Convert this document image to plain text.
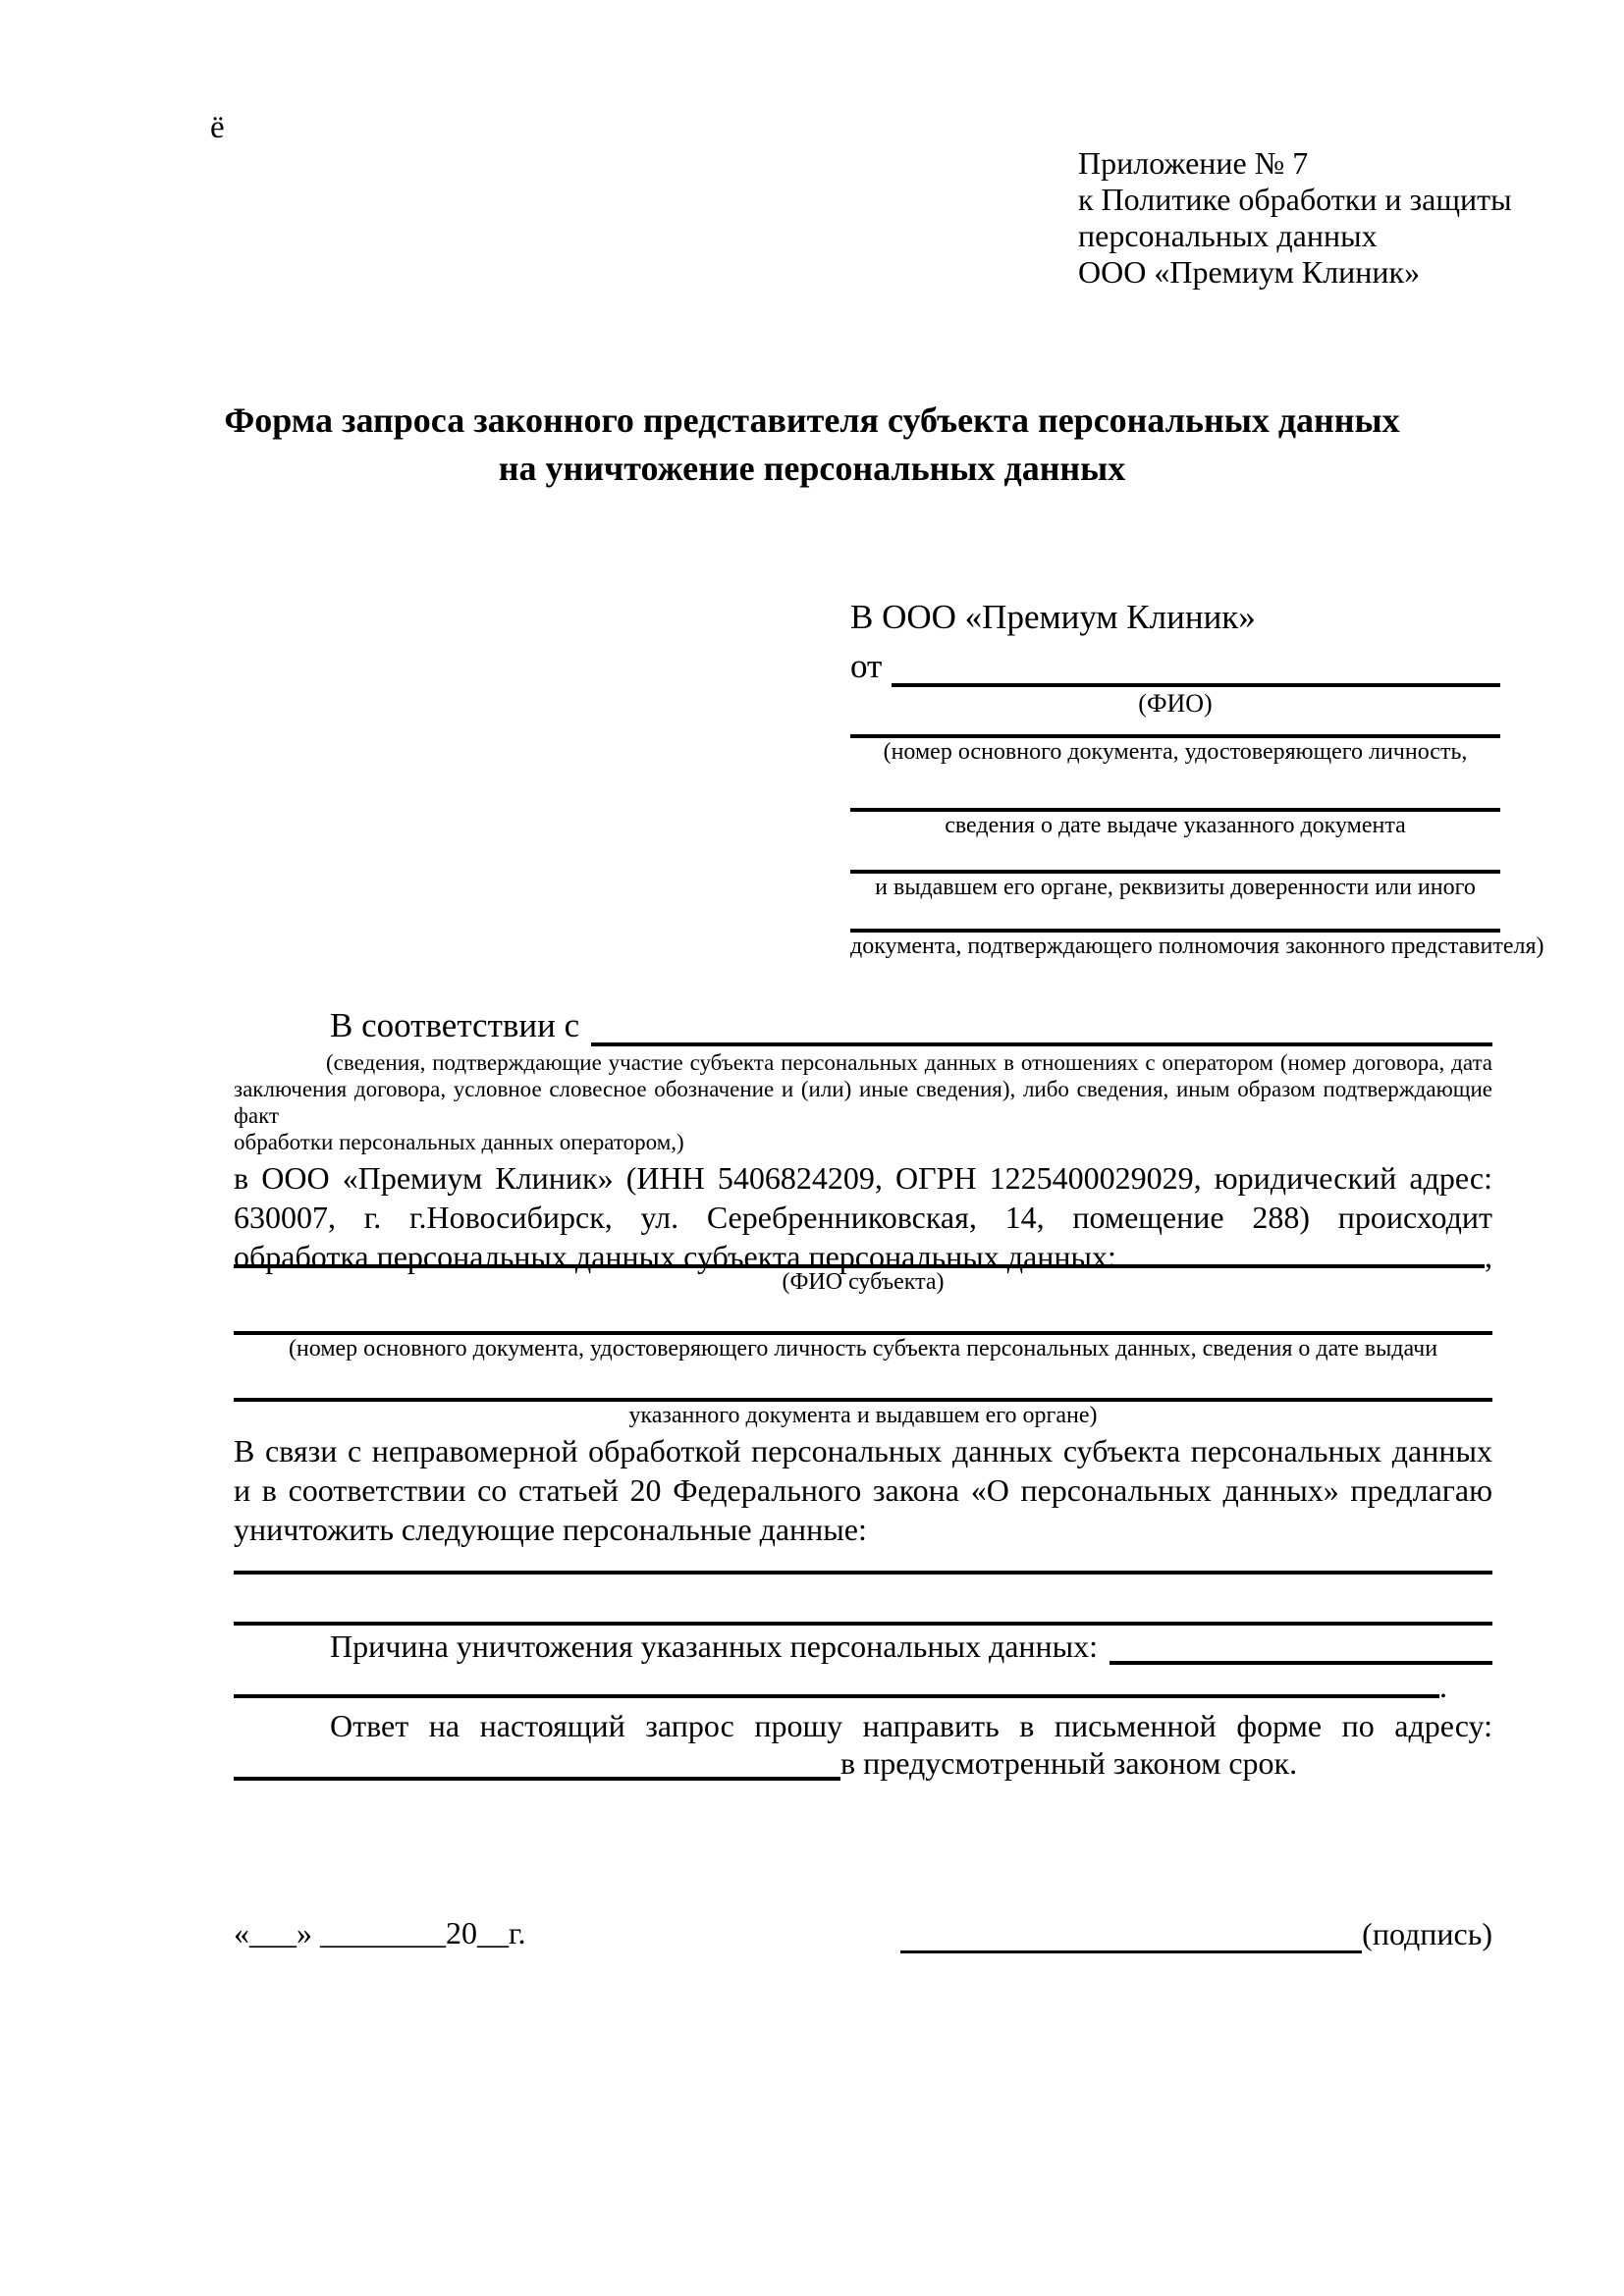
ё
Приложение № 7
к Политике обработки и защиты
персональных данных
ООО «Премиум Клиник»
Форма запроса законного представителя субъекта персональных данных
на уничтожение персональных данных
В ООО «Премиум Клиник»
от
(ФИО)
(номер основного документа, удостоверяющего личность,
сведения о дате выдаче указанного документа
и выдавшем его органе, реквизиты доверенности или иного
документа, подтверждающего полномочия законного представителя)
В соответствии с
(сведения, подтверждающие участие субъекта персональных данных в отношениях с оператором (номер договора, дата
заключения договора, условное словесное обозначение и (или) иные сведения), либо сведения, иным образом подтверждающие факт
обработки персональных данных оператором,)
в ООО «Премиум Клиник» (ИНН 5406824209, ОГРН 1225400029029, юридический адрес:
630007, г. г.Новосибирск, ул. Серебренниковская, 14, помещение 288) происходит
обработка персональных данных субъекта персональных данных:	,
(ФИО субъекта)
(номер основного документа, удостоверяющего личность субъекта персональных данных, сведения о дате выдачи
указанного документа и выдавшем его органе)
В связи с неправомерной обработкой персональных данных субъекта персональных данных
и в соответствии со статьей 20 Федерального закона «О персональных данных» предлагаю
уничтожить следующие персональные данные:
Причина уничтожения указанных персональных данных:
.
Ответ на настоящий запрос прошу направить в письменной форме по адресу:
в предусмотренный законом срок.
«___» ________20__г.	(подпись)
